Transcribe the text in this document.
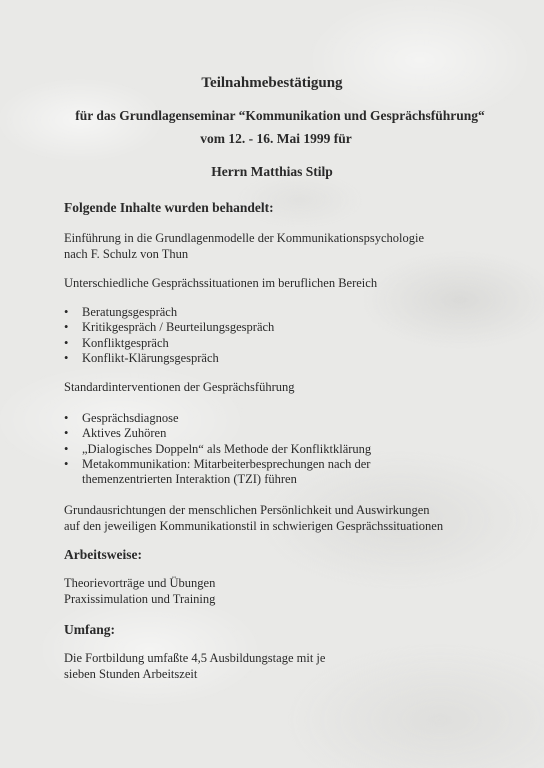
Teilnahmebestätigung
für das Grundlagenseminar “Kommunikation und Gesprächsführung“
vom 12. - 16. Mai 1999 für
Herrn Matthias Stilp
Folgende Inhalte wurden behandelt:
Einführung in die Grundlagenmodelle der Kommunikationspsychologie
nach F. Schulz von Thun
Unterschiedliche Gesprächssituationen im beruflichen Bereich
• Beratungsgespräch
• Kritikgespräch / Beurteilungsgespräch
• Konfliktgespräch
• Konflikt-Klärungsgespräch
Standardinterventionen der Gesprächsführung
• Gesprächsdiagnose
• Aktives Zuhören
• „Dialogisches Doppeln“ als Methode der Konfliktklärung
• Metakommunikation: Mitarbeiterbesprechungen nach der themenzentrierten Interaktion (TZI) führen
Grundausrichtungen der menschlichen Persönlichkeit und Auswirkungen
auf den jeweiligen Kommunikationstil in schwierigen Gesprächssituationen
Arbeitsweise:
Theorievorträge und Übungen
Praxissimulation und Training
Umfang:
Die Fortbildung umfaßte 4,5 Ausbildungstage mit je
sieben Stunden Arbeitszeit
